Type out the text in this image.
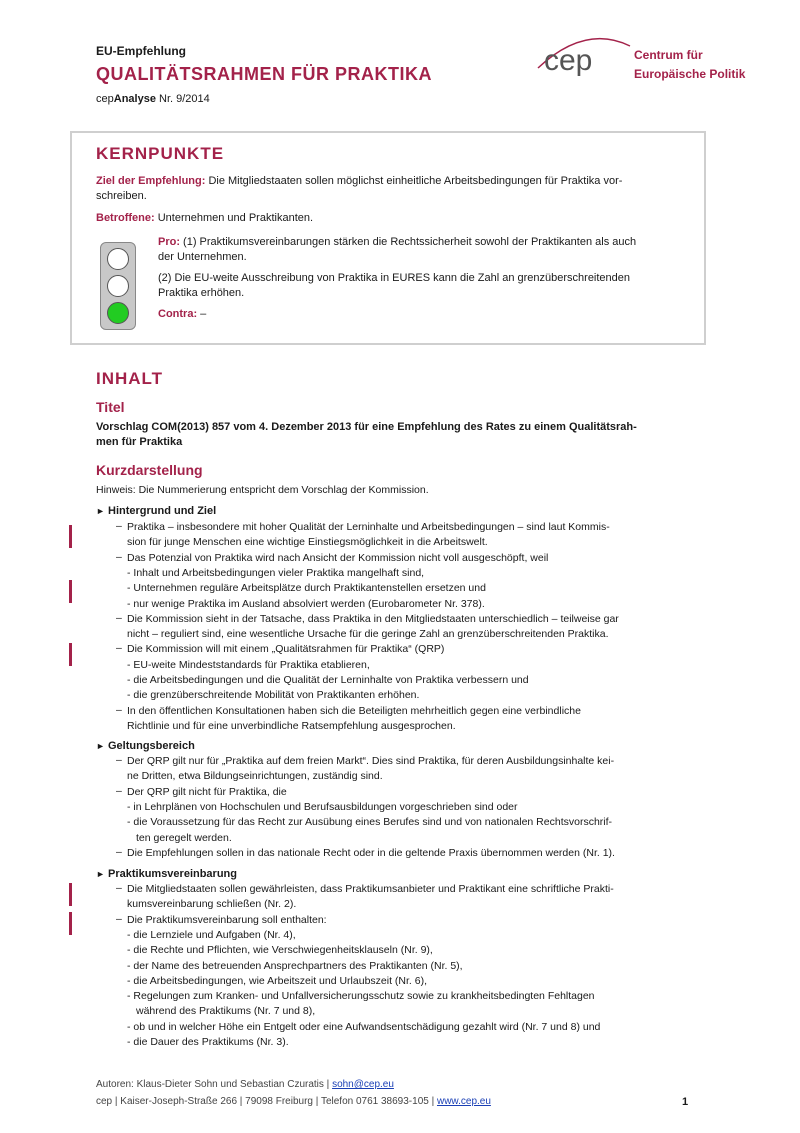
EU-Empfehlung
QUALITÄTSRAHMEN FÜR PRAKTIKA
cepAnalyse Nr. 9/2014
cep	Centrum für
Europäische Politik
KERNPUNKTE
Ziel der Empfehlung: Die Mitgliedstaaten sollen möglichst einheitliche Arbeitsbedingungen für Praktika vor-
schreiben.
Betroffene: Unternehmen und Praktikanten.
Pro: (1) Praktikumsvereinbarungen stärken die Rechtssicherheit sowohl der Praktikanten als auch
der Unternehmen.
(2) Die EU-weite Ausschreibung von Praktika in EURES kann die Zahl an grenzüberschreitenden
Praktika erhöhen.
Contra: –
INHALT
Titel
Vorschlag COM(2013) 857 vom 4. Dezember 2013 für eine Empfehlung des Rates zu einem Qualitätsrah-
men für Praktika
Kurzdarstellung
Hinweis: Die Nummerierung entspricht dem Vorschlag der Kommission.
► Hintergrund und Ziel
– Praktika – insbesondere mit hoher Qualität der Lerninhalte und Arbeitsbedingungen – sind laut Kommis-
sion für junge Menschen eine wichtige Einstiegsmöglichkeit in die Arbeitswelt.
– Das Potenzial von Praktika wird nach Ansicht der Kommission nicht voll ausgeschöpft, weil
- Inhalt und Arbeitsbedingungen vieler Praktika mangelhaft sind,
- Unternehmen reguläre Arbeitsplätze durch Praktikantenstellen ersetzen und
- nur wenige Praktika im Ausland absolviert werden (Eurobarometer Nr. 378).
– Die Kommission sieht in der Tatsache, dass Praktika in den Mitgliedstaaten unterschiedlich – teilweise gar
nicht – reguliert sind, eine wesentliche Ursache für die geringe Zahl an grenzüberschreitenden Praktika.
– Die Kommission will mit einem „Qualitätsrahmen für Praktika“ (QRP)
- EU-weite Mindeststandards für Praktika etablieren,
- die Arbeitsbedingungen und die Qualität der Lerninhalte von Praktika verbessern und
- die grenzüberschreitende Mobilität von Praktikanten erhöhen.
– In den öffentlichen Konsultationen haben sich die Beteiligten mehrheitlich gegen eine verbindliche
Richtlinie und für eine unverbindliche Ratsempfehlung ausgesprochen.
► Geltungsbereich
– Der QRP gilt nur für „Praktika auf dem freien Markt“. Dies sind Praktika, für deren Ausbildungsinhalte kei-
ne Dritten, etwa Bildungseinrichtungen, zuständig sind.
– Der QRP gilt nicht für Praktika, die
- in Lehrplänen von Hochschulen und Berufsausbildungen vorgeschrieben sind oder
- die Voraussetzung für das Recht zur Ausübung eines Berufes sind und von nationalen Rechtsvorschrif-
ten geregelt werden.
– Die Empfehlungen sollen in das nationale Recht oder in die geltende Praxis übernommen werden (Nr. 1).
► Praktikumsvereinbarung
– Die Mitgliedstaaten sollen gewährleisten, dass Praktikumsanbieter und Praktikant eine schriftliche Prakti-
kumsvereinbarung schließen (Nr. 2).
– Die Praktikumsvereinbarung soll enthalten:
- die Lernziele und Aufgaben (Nr. 4),
- die Rechte und Pflichten, wie Verschwiegenheitsklauseln (Nr. 9),
- der Name des betreuenden Ansprechpartners des Praktikanten (Nr. 5),
- die Arbeitsbedingungen, wie Arbeitszeit und Urlaubszeit (Nr. 6),
- Regelungen zum Kranken- und Unfallversicherungsschutz sowie zu krankheitsbedingten Fehltagen
während des Praktikums (Nr. 7 und 8),
- ob und in welcher Höhe ein Entgelt oder eine Aufwandsentschädigung gezahlt wird (Nr. 7 und 8) und
- die Dauer des Praktikums (Nr. 3).
Autoren: Klaus-Dieter Sohn und Sebastian Czuratis | sohn@cep.eu
cep | Kaiser-Joseph-Straße 266 | 79098 Freiburg | Telefon 0761 38693-105 | www.cep.eu	1
